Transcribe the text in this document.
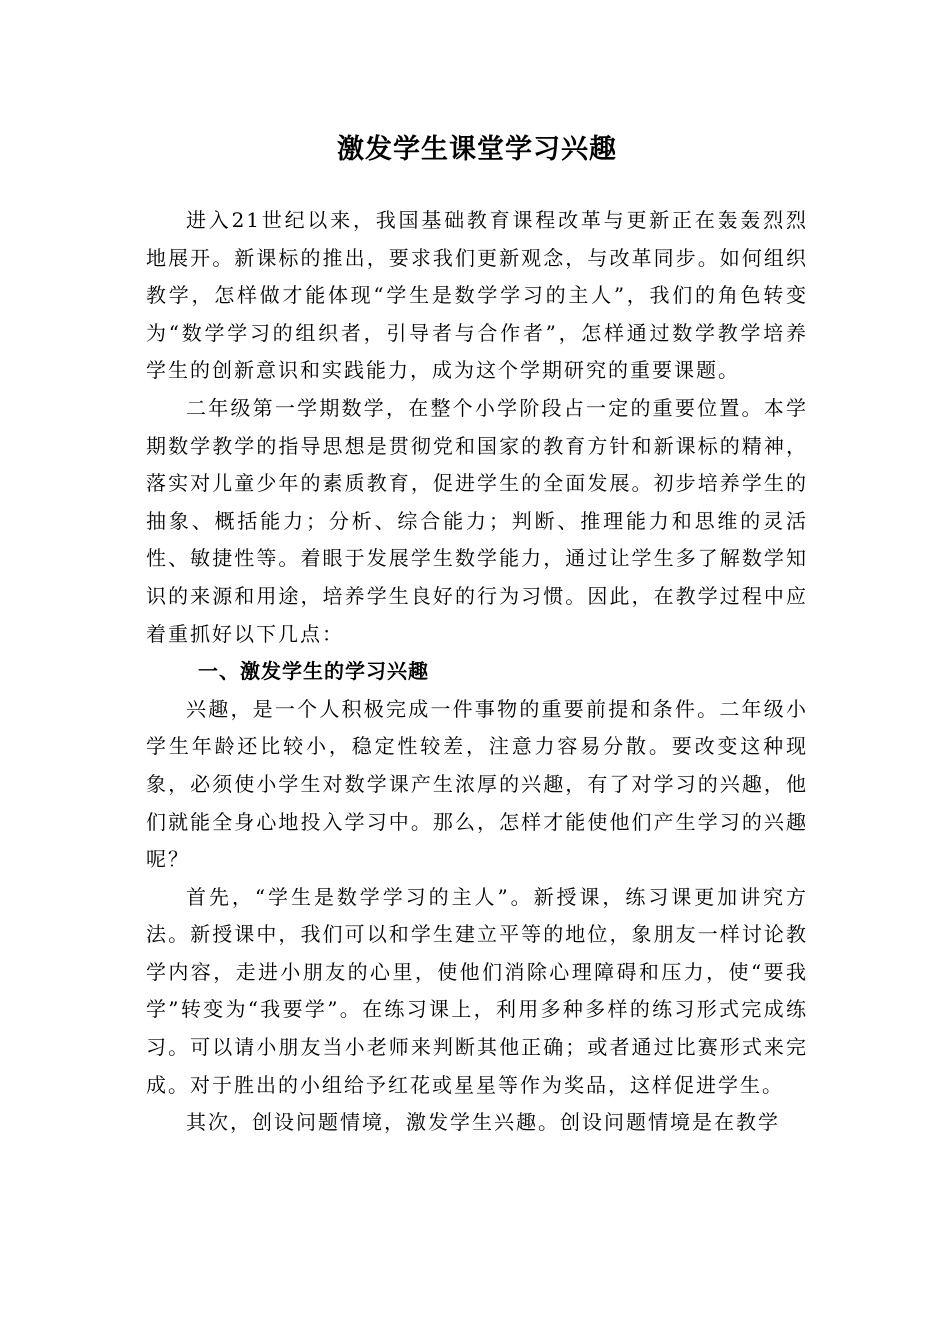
激发学生课堂学习兴趣

进入21世纪以来，我国基础教育课程改革与更新正在轰轰烈烈地展开。新课标的推出，要求我们更新观念，与改革同步。如何组织教学，怎样做才能体现“学生是数学学习的主人”，我们的角色转变为“数学学习的组织者，引导者与合作者”，怎样通过数学教学培养学生的创新意识和实践能力，成为这个学期研究的重要课题。

二年级第一学期数学，在整个小学阶段占一定的重要位置。本学期数学教学的指导思想是贯彻党和国家的教育方针和新课标的精神，落实对儿童少年的素质教育，促进学生的全面发展。初步培养学生的抽象、概括能力；分析、综合能力；判断、推理能力和思维的灵活性、敏捷性等。着眼于发展学生数学能力，通过让学生多了解数学知识的来源和用途，培养学生良好的行为习惯。因此，在教学过程中应着重抓好以下几点：

一、激发学生的学习兴趣

兴趣，是一个人积极完成一件事物的重要前提和条件。二年级小学生年龄还比较小，稳定性较差，注意力容易分散。要改变这种现象，必须使小学生对数学课产生浓厚的兴趣，有了对学习的兴趣，他们就能全身心地投入学习中。那么，怎样才能使他们产生学习的兴趣呢？

首先，“学生是数学学习的主人”。新授课，练习课更加讲究方法。新授课中，我们可以和学生建立平等的地位，象朋友一样讨论教学内容，走进小朋友的心里，使他们消除心理障碍和压力，使“要我学”转变为“我要学”。在练习课上，利用多种多样的练习形式完成练习。可以请小朋友当小老师来判断其他正确；或者通过比赛形式来完成。对于胜出的小组给予红花或星星等作为奖品，这样促进学生。

其次，创设问题情境，激发学生兴趣。创设问题情境是在教学
